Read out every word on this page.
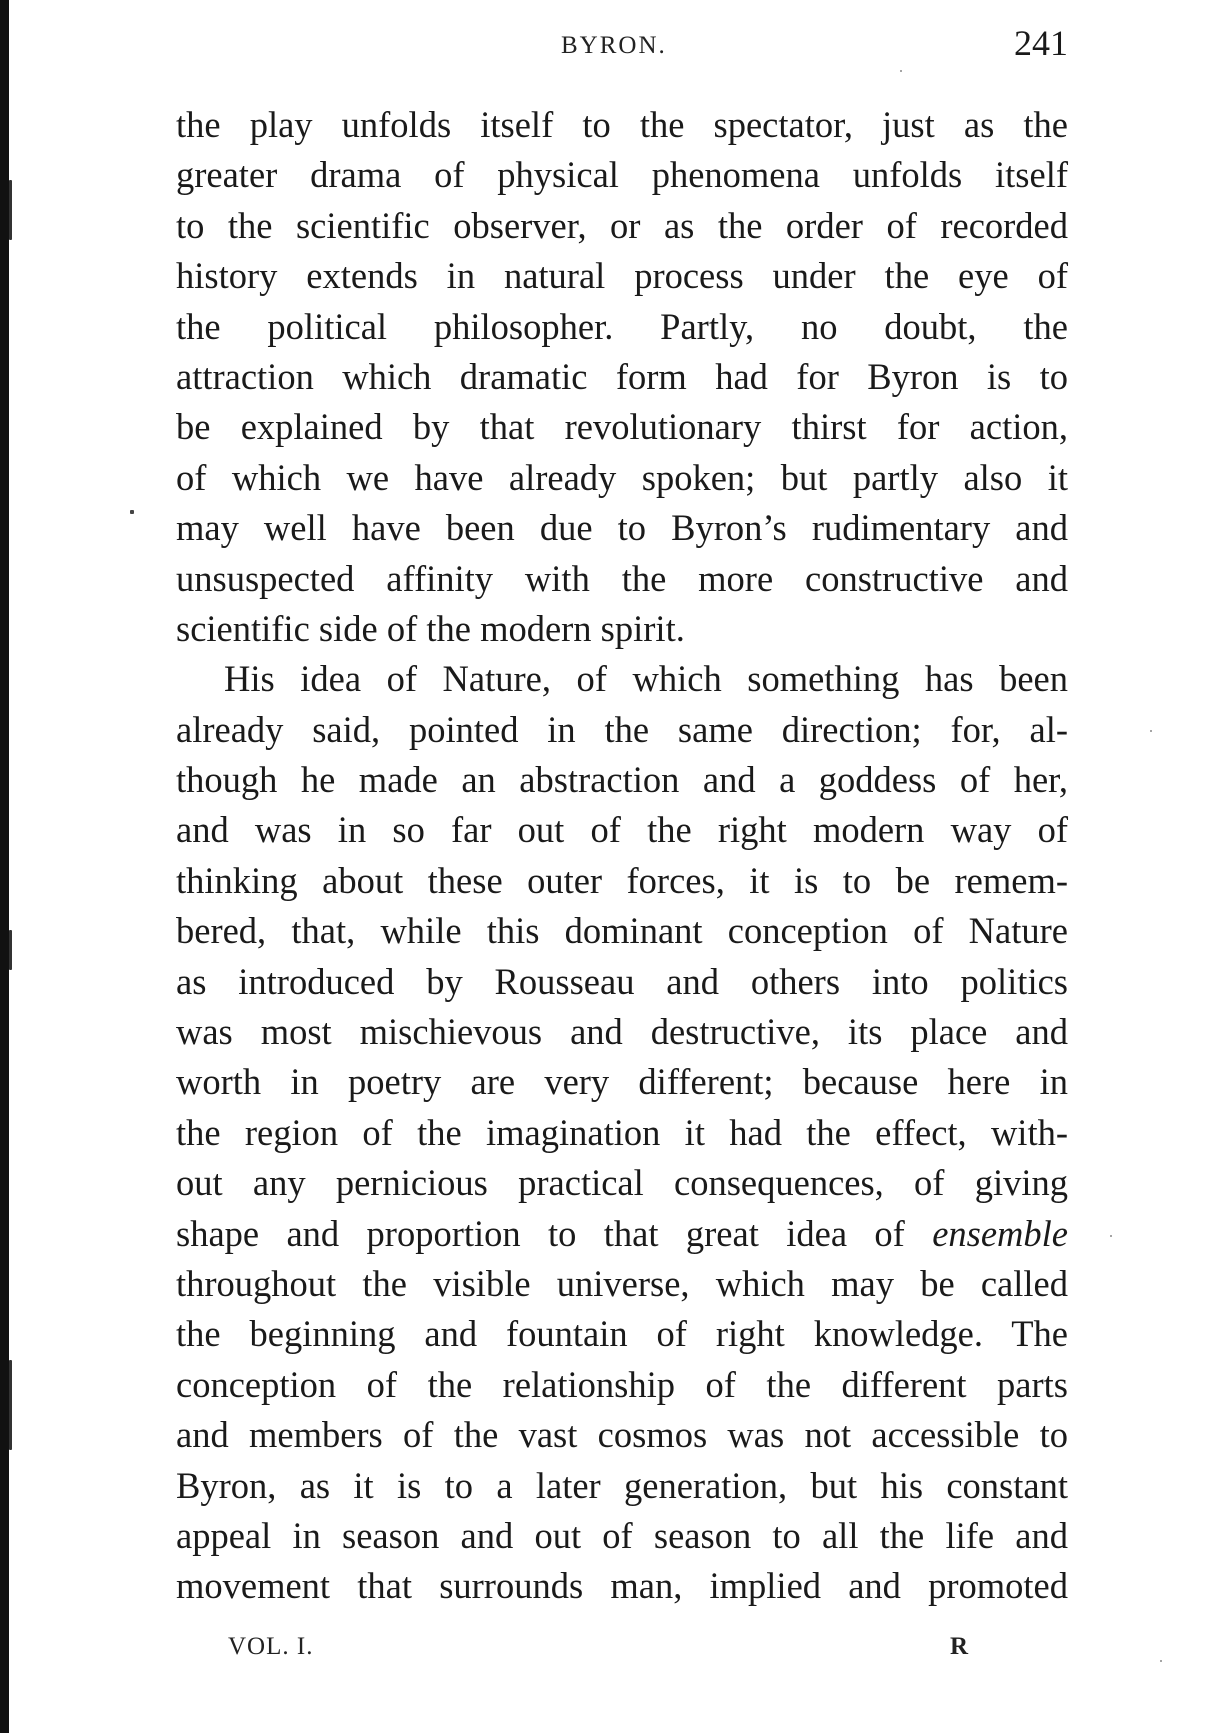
BYRON.	241
the play unfolds itself to the spectator, just as the
greater drama of physical phenomena unfolds itself
to the scientific observer, or as the order of recorded
history extends in natural process under the eye of
the political philosopher. Partly, no doubt, the
attraction which dramatic form had for Byron is to
be explained by that revolutionary thirst for action,
of which we have already spoken; but partly also it
may well have been due to Byron’s rudimentary and
unsuspected affinity with the more constructive and
scientific side of the modern spirit.
His idea of Nature, of which something has been
already said, pointed in the same direction; for, al-
though he made an abstraction and a goddess of her,
and was in so far out of the right modern way of
thinking about these outer forces, it is to be remem-
bered, that, while this dominant conception of Nature
as introduced by Rousseau and others into politics
was most mischievous and destructive, its place and
worth in poetry are very different; because here in
the region of the imagination it had the effect, with-
out any pernicious practical consequences, of giving
shape and proportion to that great idea of ensemble
throughout the visible universe, which may be called
the beginning and fountain of right knowledge. The
conception of the relationship of the different parts
and members of the vast cosmos was not accessible to
Byron, as it is to a later generation, but his constant
appeal in season and out of season to all the life and
movement that surrounds man, implied and promoted
VOL. I.	R
